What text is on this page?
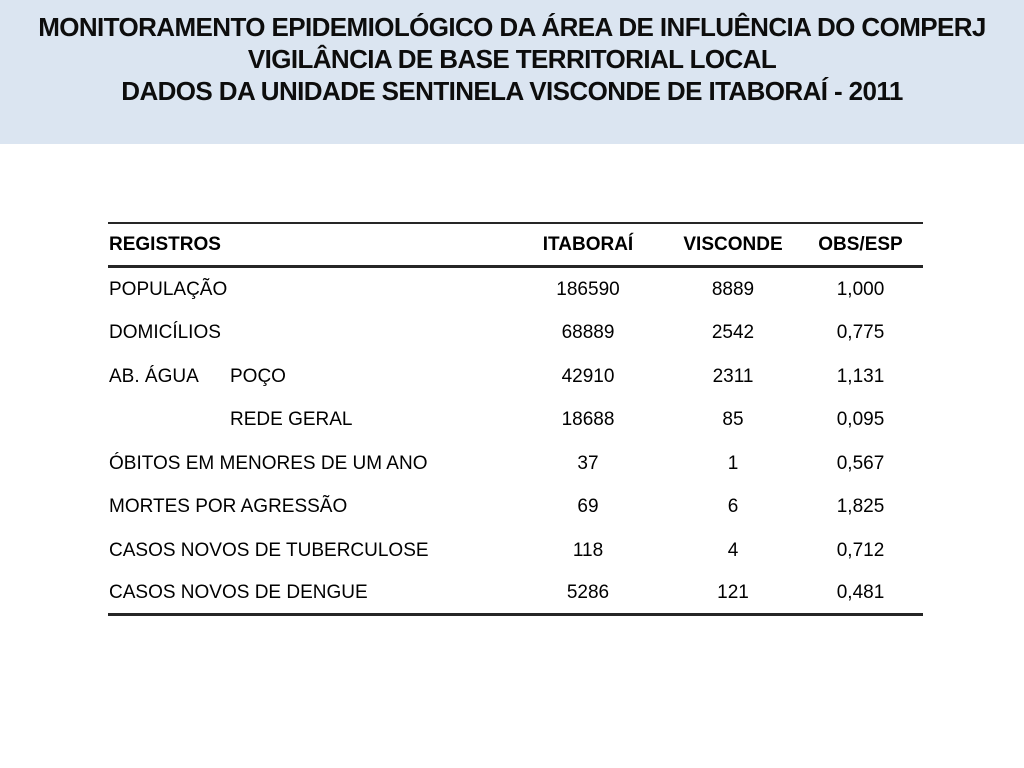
MONITORAMENTO EPIDEMIOLÓGICO DA ÁREA DE INFLUÊNCIA DO COMPERJ
VIGILÂNCIA DE BASE TERRITORIAL LOCAL
DADOS DA UNIDADE SENTINELA VISCONDE DE ITABORAÍ - 2011
REGISTROS	ITABORAÍ	VISCONDE	OBS/ESP
POPULAÇÃO	186590	8889	1,000
DOMICÍLIOS	68889	2542	0,775
AB. ÁGUA POÇO	42910	2311	1,131
REDE GERAL	18688	85	0,095
ÓBITOS EM MENORES DE UM ANO	37	1	0,567
MORTES POR AGRESSÃO	69	6	1,825
CASOS NOVOS DE TUBERCULOSE	118	4	0,712
CASOS NOVOS DE DENGUE	5286	121	0,481
